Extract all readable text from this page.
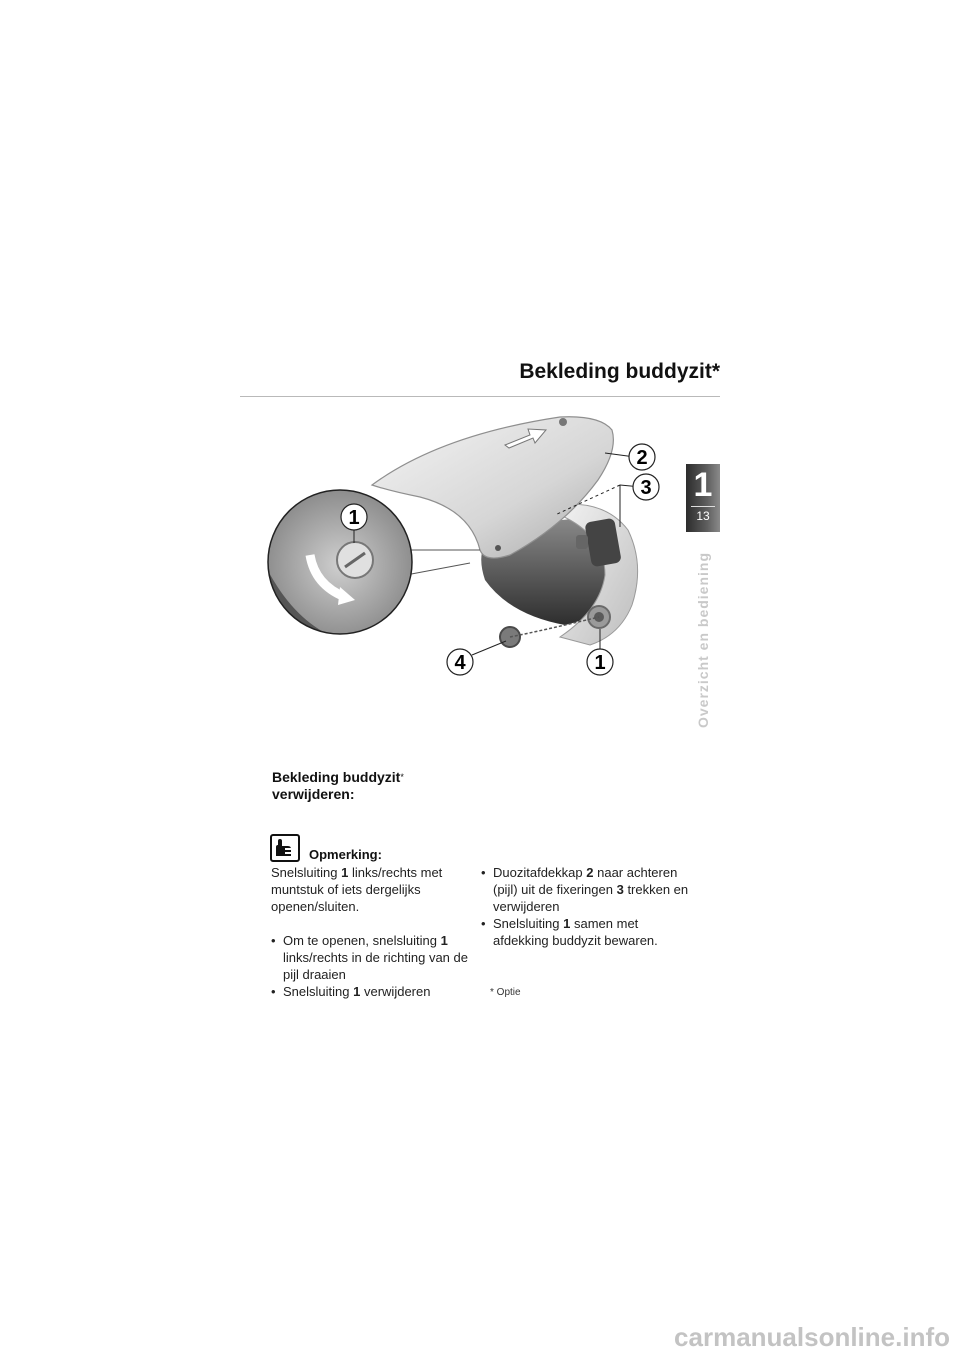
Bekleding buddyzit*
1
13
Overzicht en bediening
2
3
1
4	1
Bekleding buddyzit*
verwijderen:
Opmerking:

Snelsluiting 1 links/rechts met muntstuk of iets dergelijks openen/sluiten.

• Om te openen, snelsluiting 1 links/rechts in de richting van de pijl draaien
• Snelsluiting 1 verwijderen
• Duozitafdekkap 2 naar achteren (pijl) uit de fixeringen 3 trekken en verwijderen
• Snelsluiting 1 samen met afdekking buddyzit bewaren.
* Optie
carmanualsonline.info
